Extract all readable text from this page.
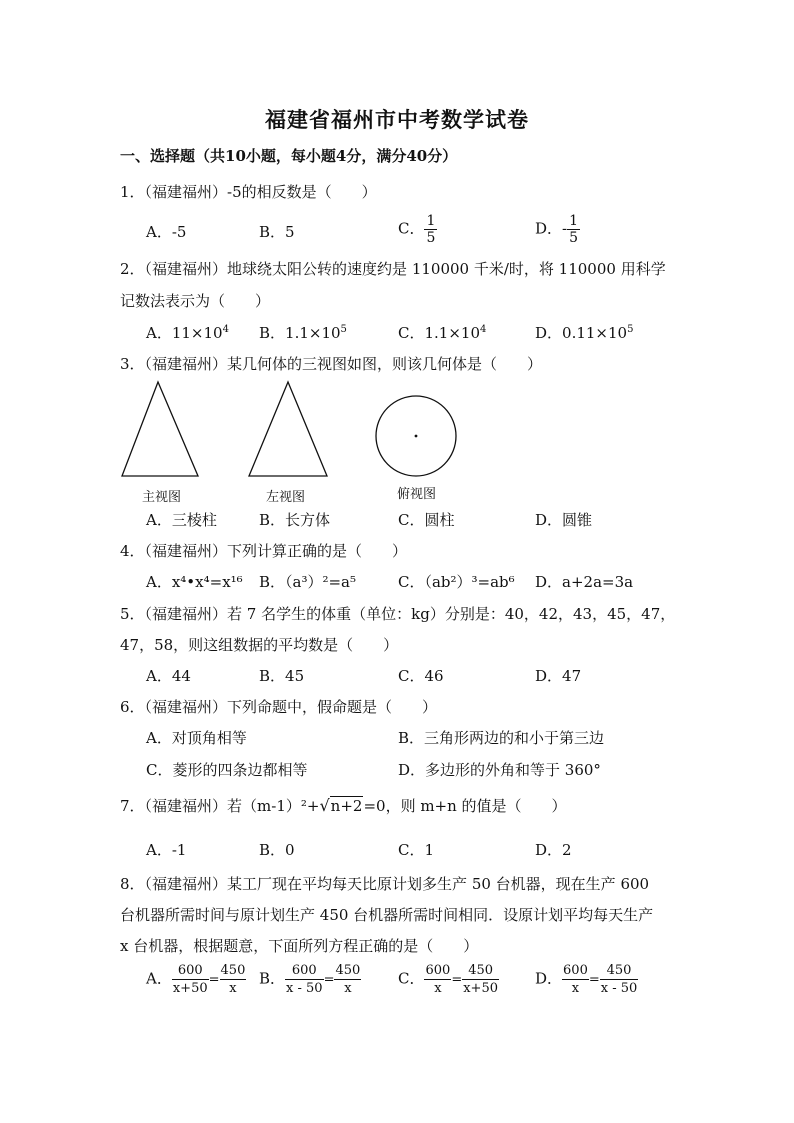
福建省福州市中考数学试卷
一、选择题（共10小题，每小题4分，满分40分）
1．（福建福州）-5的相反数是（　　）
A．-5	B．5	C． $\frac{1}{5}$	D．- $\frac{1}{5}$
2．（福建福州）地球绕太阳公转的速度约是 110000 千米/时，将 110000 用科学
记数法表示为（　　）
A．$11\times 10^4$ B．$1.1\times 10^5$	C．$1.1\times 10^4$	D．$0.11\times 10^5$
3．（福建福州）某几何体的三视图如图，则该几何体是（　　）
主视图	左视图	俯视图
A．三棱柱	B．长方体	C．圆柱	D．圆锥
4．（福建福州）下列计算正确的是（　　）
A．x⁴•x⁴=x¹⁶ B．（a³）²=a⁵	C．（ab²）³=ab⁶ D．a+2a=3a
5．（福建福州）若 7 名学生的体重（单位：kg）分别是：40，42，43，45，47，
47，58，则这组数据的平均数是（　　）
A．44	B．45	C．46	D．47
6．（福建福州）下列命题中，假命题是（　　）
A．对顶角相等	B．三角形两边的和小于第三边
C．菱形的四条边都相等	D．多边形的外角和等于 360°
7．（福建福州）若（m-1）²+√n+2=0，则 m+n 的值是（　　）
A．-1	B．0	C．1	D．2
8．（福建福州）某工厂现在平均每天比原计划多生产 50 台机器，现在生产 600
台机器所需时间与原计划生产 450 台机器所需时间相同．设原计划平均每天生产
x 台机器，根据题意，下面所列方程正确的是（　　）
A． $\frac{600}{x+50} = \frac{450}{x}$ B． $\frac{600}{x - 50} = \frac{450}{x}$ C． $\frac{600}{x} = \frac{450}{x+50}$ D． $\frac{600}{x} = \frac{450}{x - 50}$
